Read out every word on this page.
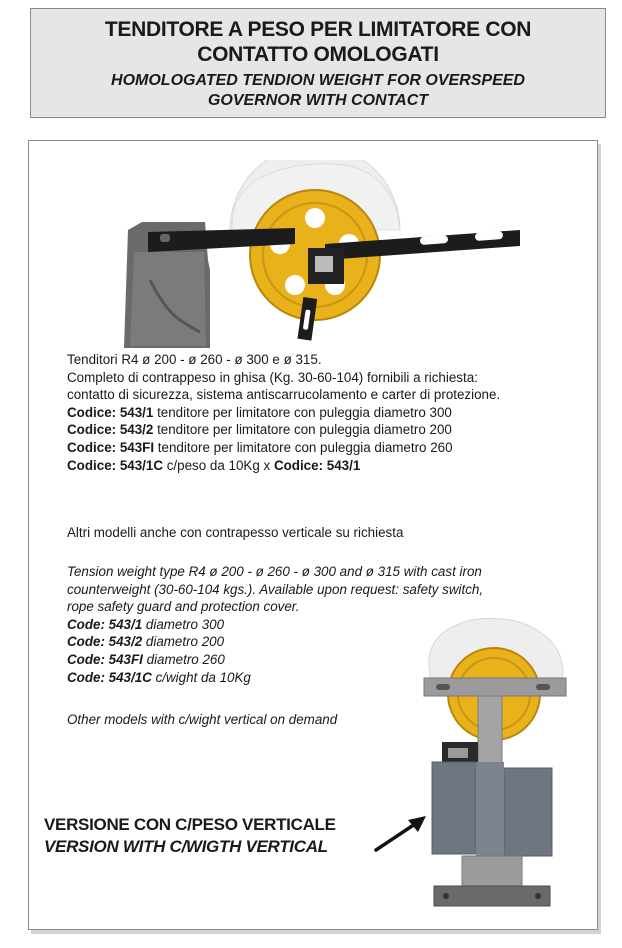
TENDITORE A PESO PER LIMITATORE CON CONTATTO OMOLOGATI
HOMOLOGATED TENDION WEIGHT FOR OVERSPEED GOVERNOR WITH CONTACT
Tenditori R4 ø 200 - ø 260 - ø 300 e ø 315.
Completo di contrappeso in ghisa (Kg. 30-60-104) fornibili a richiesta:
contatto di sicurezza, sistema antiscarrucolamento e carter di protezione.
Codice: 543/1 tenditore per limitatore con puleggia diametro 300
Codice: 543/2 tenditore per limitatore con puleggia diametro 200
Codice: 543FI tenditore per limitatore con puleggia diametro 260
Codice: 543/1C c/peso da 10Kg x Codice: 543/1
Altri modelli anche con contrapesso verticale su richiesta
Tension weight type R4 ø 200 - ø 260 - ø 300 and ø 315 with cast iron
counterweight (30-60-104 kgs.). Available upon request: safety switch,
rope safety guard and protection cover.
Code: 543/1 diametro 300
Code: 543/2 diametro 200
Code: 543FI diametro 260
Code: 543/1C c/wight da 10Kg
Other models with c/wight vertical on demand
VERSIONE CON C/PESO VERTICALE
VERSION WITH C/WIGTH VERTICAL
